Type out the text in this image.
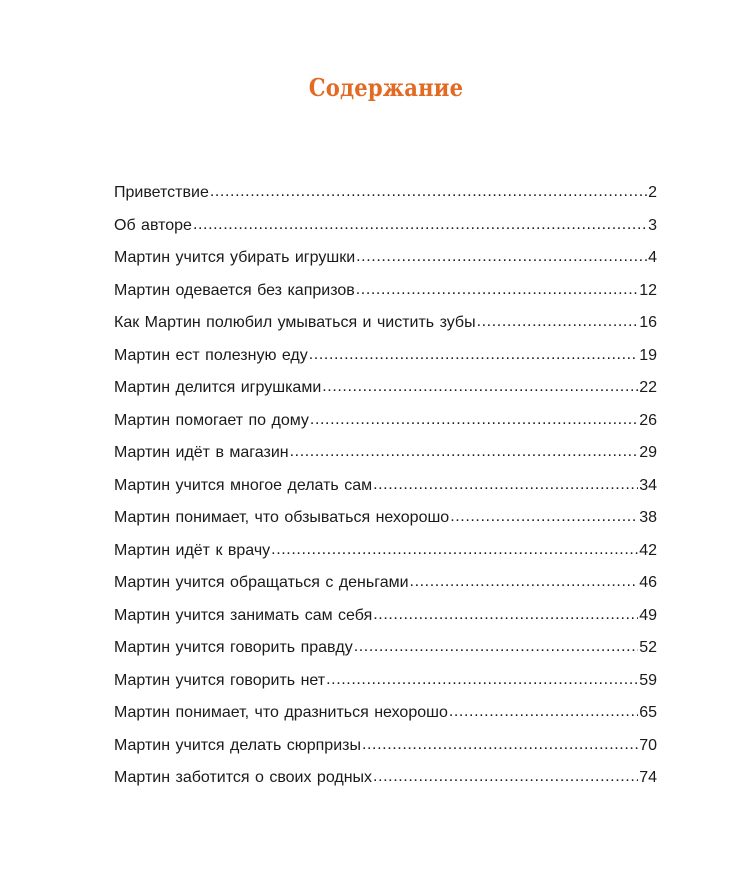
Содержание
Приветствие .....	2
Об авторе .....	3
Мартин учится убирать игрушки .....	4
Мартин одевается без капризов .....	12
Как Мартин полюбил умываться и чистить зубы .....	16
Мартин ест полезную еду .....	19
Мартин делится игрушками .....	22
Мартин помогает по дому .....	26
Мартин идёт в магазин .....	29
Мартин учится многое делать сам .....	34
Мартин понимает, что обзываться нехорошо .....	38
Мартин идёт к врачу .....	42
Мартин учится обращаться с деньгами .....	46
Мартин учится занимать сам себя .....	49
Мартин учится говорить правду .....	52
Мартин учится говорить нет .....	59
Мартин понимает, что дразниться нехорошо .....	65
Мартин учится делать сюрпризы .....	70
Мартин заботится о своих родных .....	74
